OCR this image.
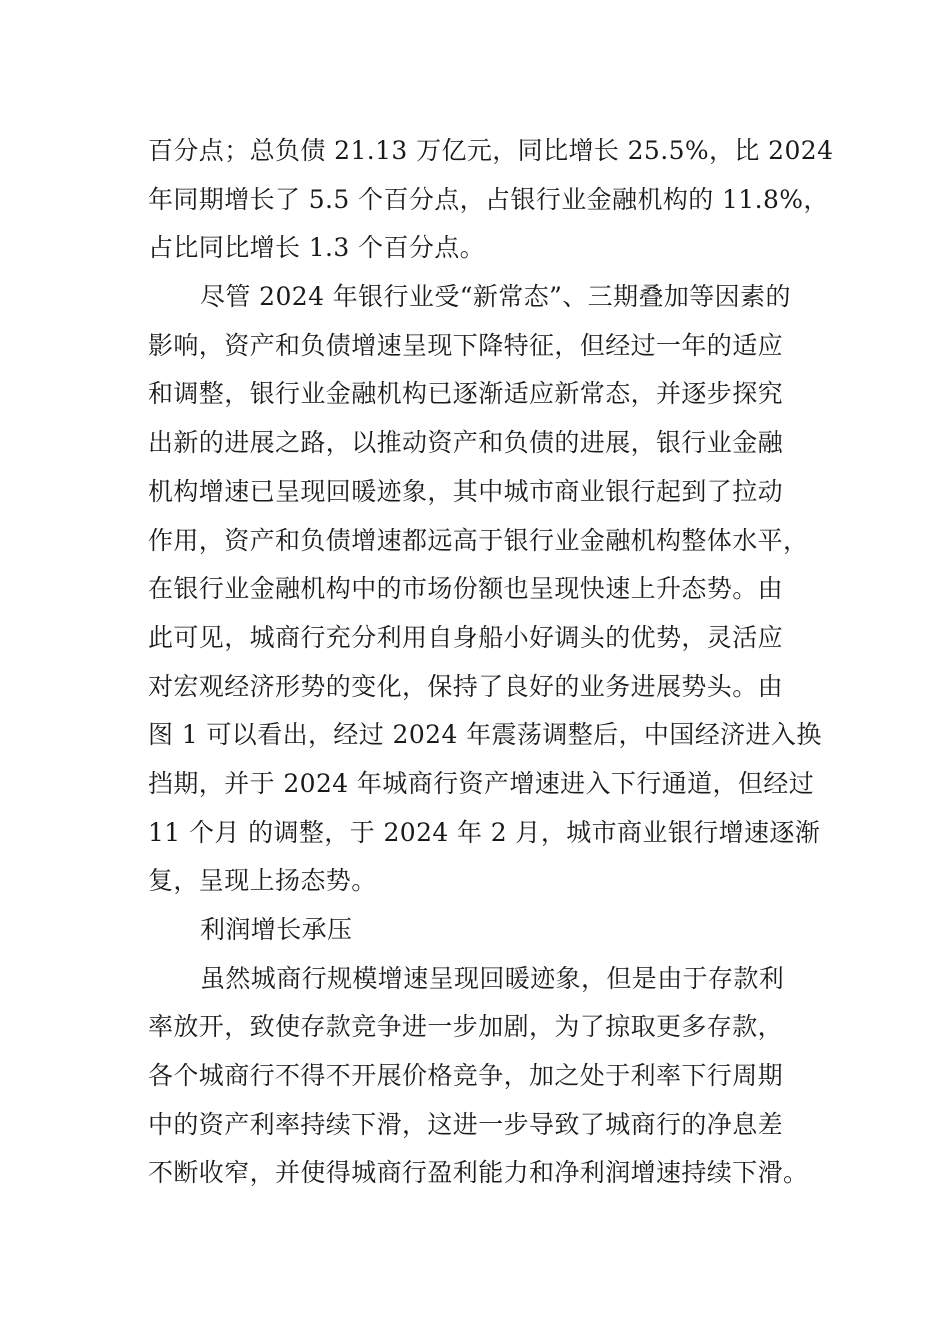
百分点；总负债 21.13 万亿元，同比增长 25.5%，比 2024
年同期增长了 5.5 个百分点，占银行业金融机构的 11.8%，
占比同比增长 1.3 个百分点。
尽管 2024 年银行业受“新常态”、三期叠加等因素的
影响，资产和负债增速呈现下降特征，但经过一年的适应
和调整，银行业金融机构已逐渐适应新常态，并逐步探究
出新的进展之路，以推动资产和负债的进展，银行业金融
机构增速已呈现回暖迹象，其中城市商业银行起到了拉动
作用，资产和负债增速都远高于银行业金融机构整体水平，
在银行业金融机构中的市场份额也呈现快速上升态势。由
此可见，城商行充分利用自身船小好调头的优势，灵活应
对宏观经济形势的变化，保持了良好的业务进展势头。由
图 1 可以看出，经过 2024 年震荡调整后，中国经济进入换
挡期，并于 2024 年城商行资产增速进入下行通道，但经过
11 个月 的调整，于 2024 年 2 月，城市商业银行增速逐渐
复，呈现上扬态势。
利润增长承压
虽然城商行规模增速呈现回暖迹象，但是由于存款利
率放开，致使存款竞争进一步加剧，为了掠取更多存款，
各个城商行不得不开展价格竞争，加之处于利率下行周期
中的资产利率持续下滑，这进一步导致了城商行的净息差
不断收窄，并使得城商行盈利能力和净利润增速持续下滑。
